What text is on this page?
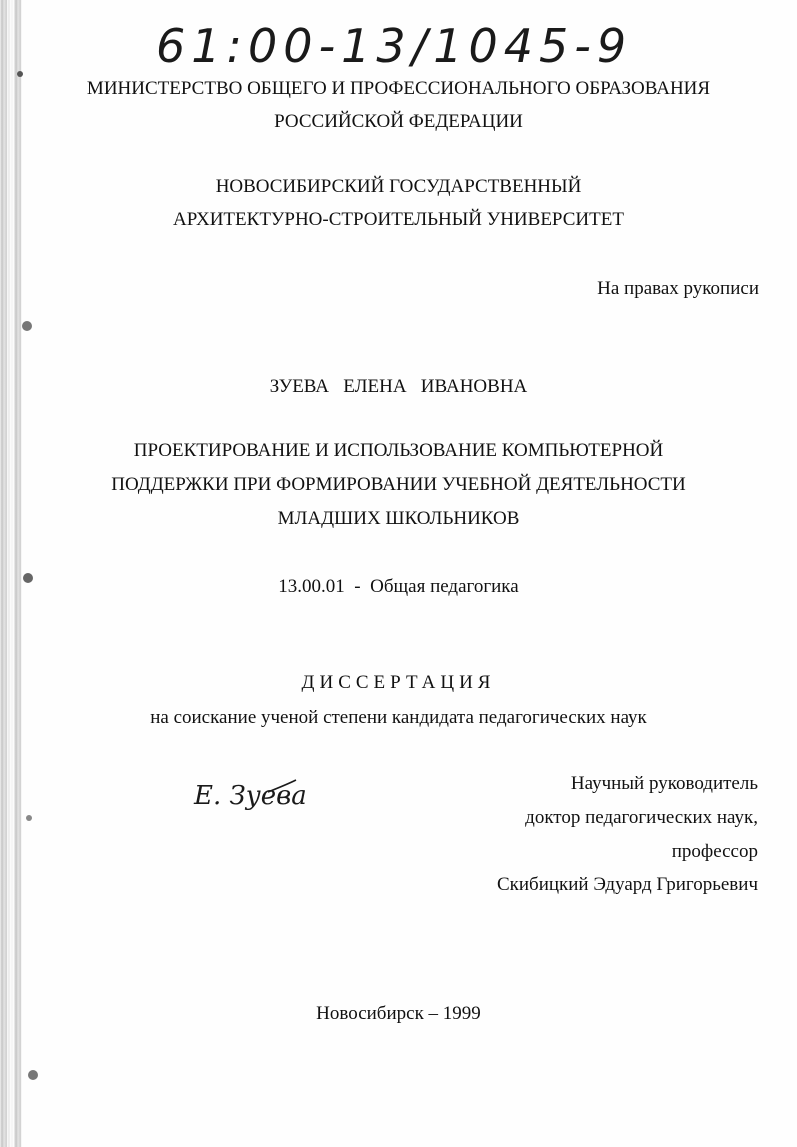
61:00-13/1045-9
МИНИСТЕРСТВО ОБЩЕГО И ПРОФЕССИОНАЛЬНОГО ОБРАЗОВАНИЯ
РОССИЙСКОЙ ФЕДЕРАЦИИ
НОВОСИБИРСКИЙ ГОСУДАРСТВЕННЫЙ
АРХИТЕКТУРНО-СТРОИТЕЛЬНЫЙ УНИВЕРСИТЕТ
На правах рукописи
ЗУЕВА   ЕЛЕНА   ИВАНОВНА
ПРОЕКТИРОВАНИЕ И ИСПОЛЬЗОВАНИЕ КОМПЬЮТЕРНОЙ
ПОДДЕРЖКИ ПРИ ФОРМИРОВАНИИ УЧЕБНОЙ ДЕЯТЕЛЬНОСТИ
МЛАДШИХ ШКОЛЬНИКОВ
13.00.01  -  Общая педагогика
ДИССЕРТАЦИЯ
на соискание ученой степени кандидата педагогических наук
Е. Зуева	Научный руководитель
доктор педагогических наук,
профессор
Скибицкий Эдуард Григорьевич
Новосибирск – 1999
